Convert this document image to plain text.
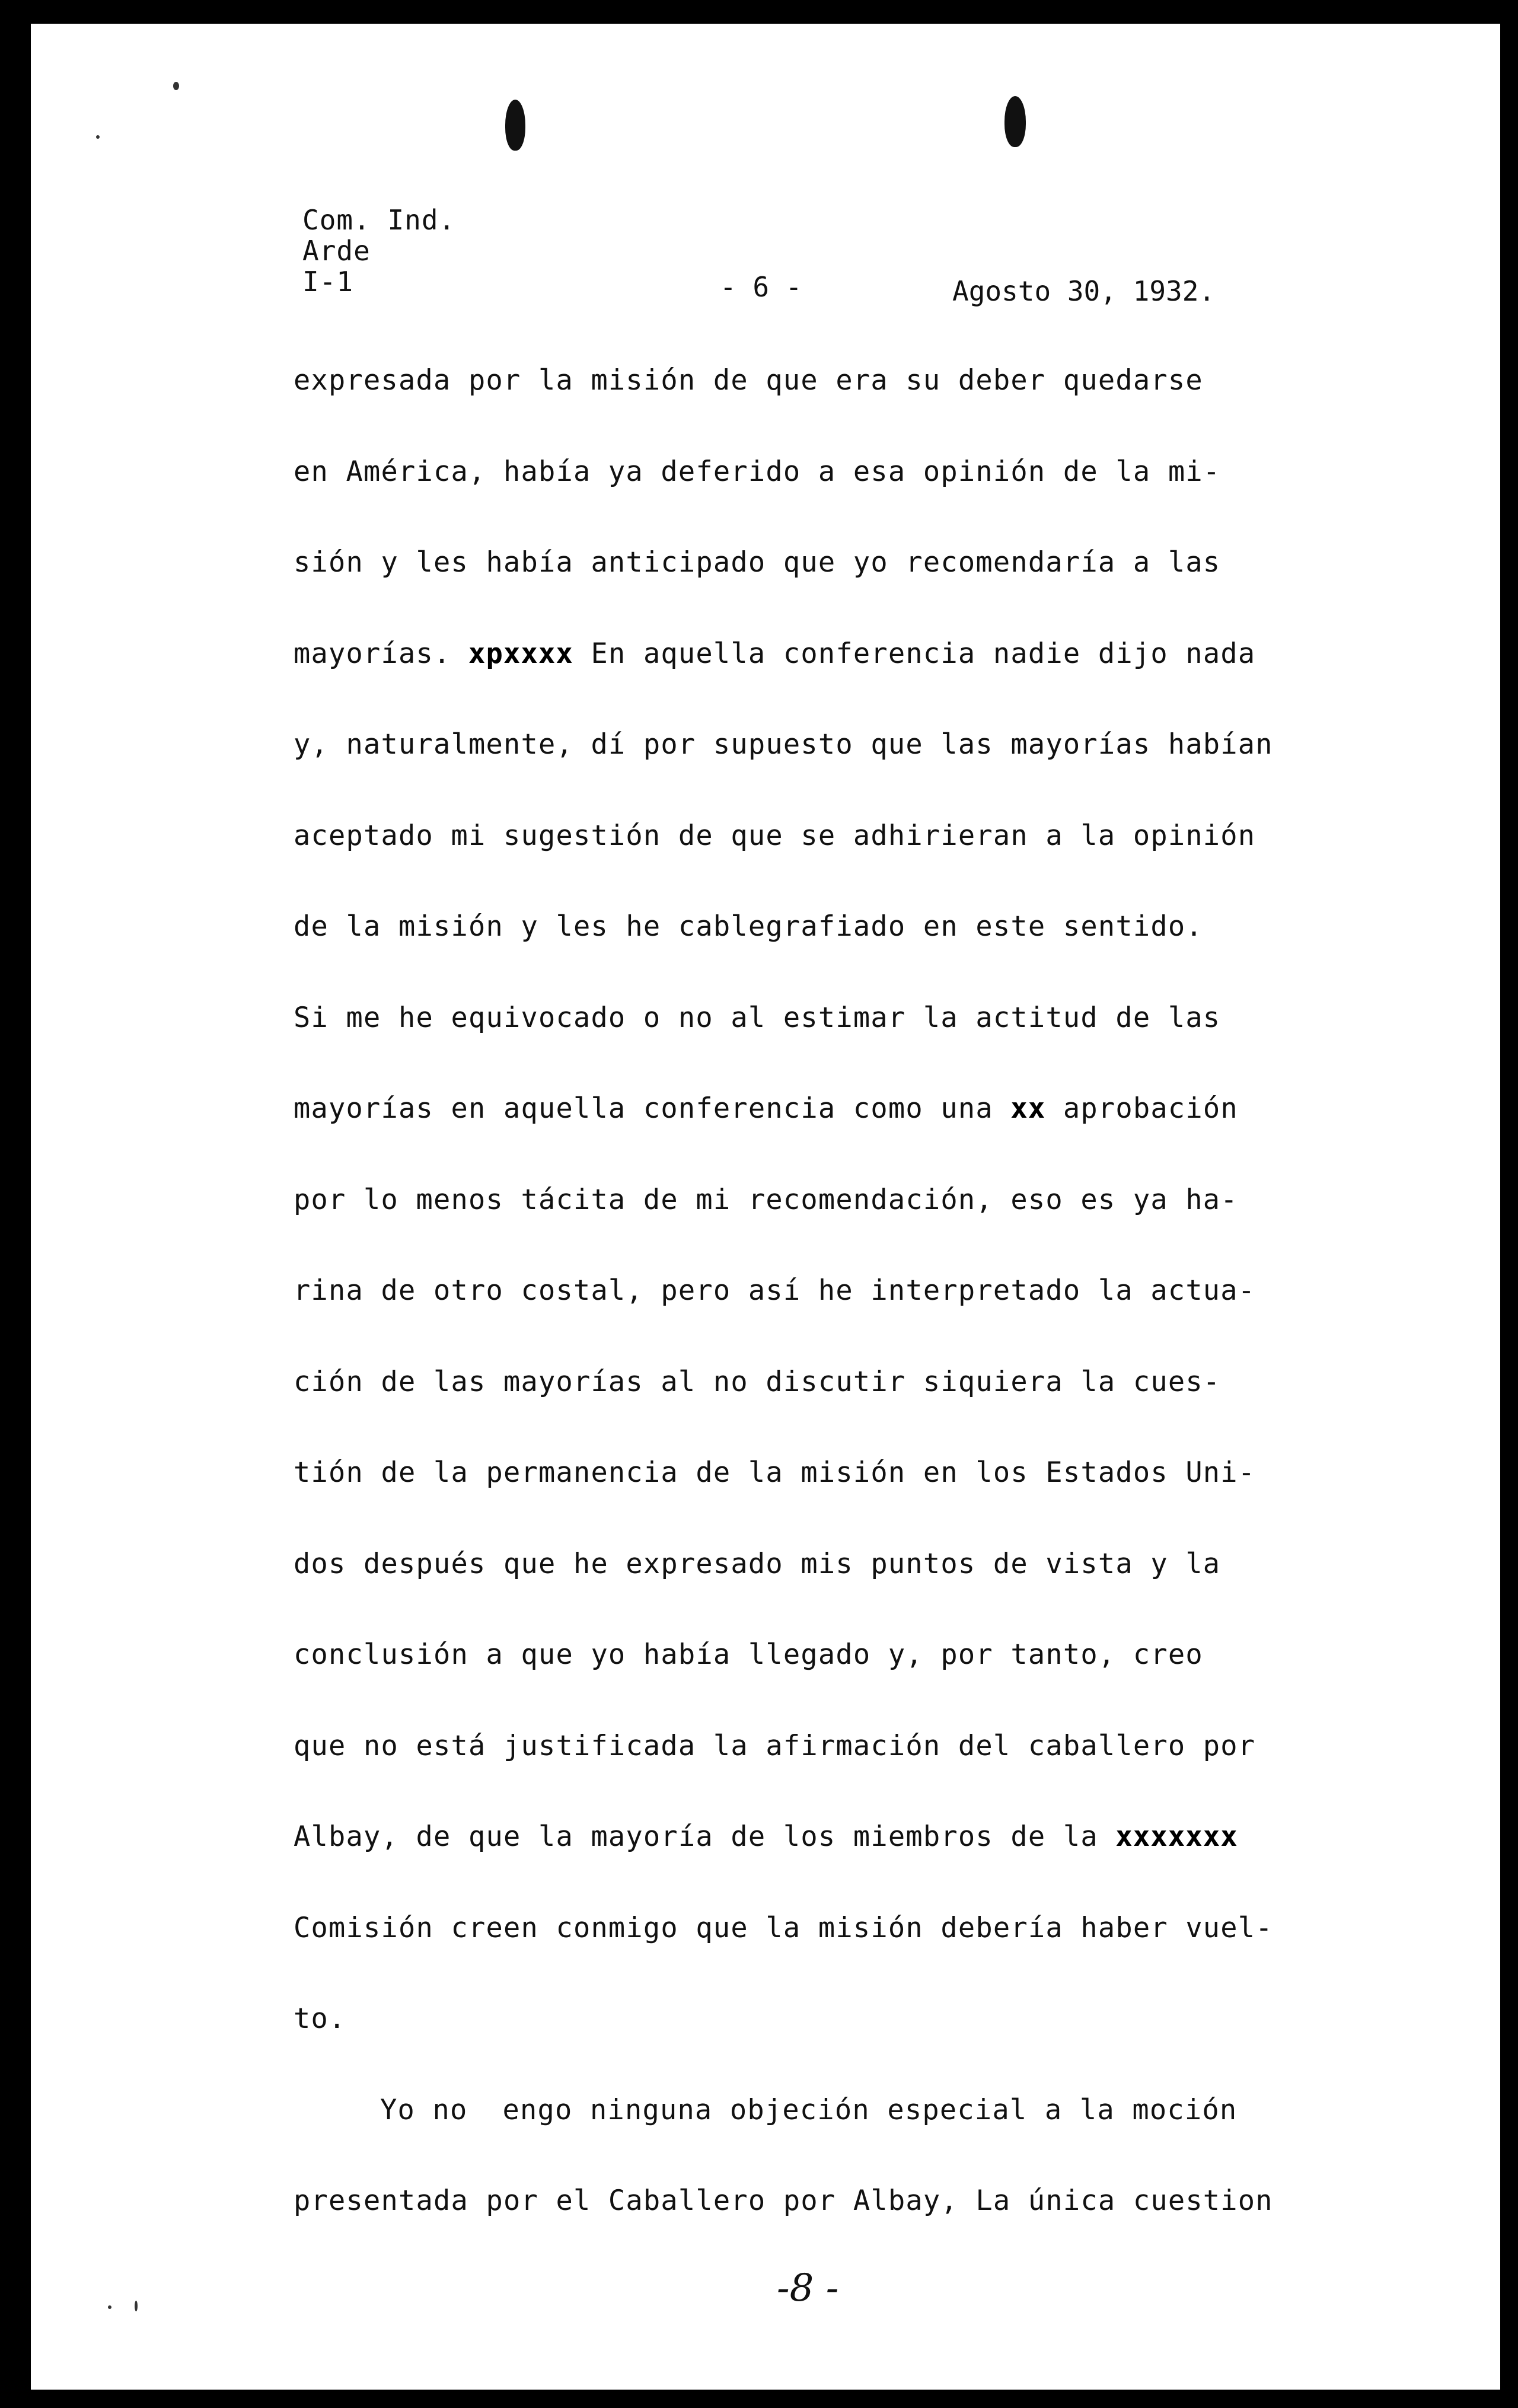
Com. Ind.
Arde
I-1	- 6 -	Agosto 30, 1932.
expresada por la misión de que era su deber quedarse
en América, había ya deferido a esa opinión de la mi-
sión y les había anticipado que yo recomendaría a las
mayorías. xpxxxx En aquella conferencia nadie dijo nada
y, naturalmente, dí por supuesto que las mayorías habían
aceptado mi sugestión de que se adhirieran a la opinión
de la misión y les he cablegrafiado en este sentido.
Si me he equivocado o no al estimar la actitud de las
mayorías en aquella conferencia como una xx aprobación
por lo menos tácita de mi recomendación, eso es ya ha-
rina de otro costal, pero así he interpretado la actua-
ción de las mayorías al no discutir siquiera la cues-
tión de la permanencia de la misión en los Estados Uni-
dos después que he expresado mis puntos de vista y la
conclusión a que yo había llegado y, por tanto, creo
que no está justificada la afirmación del caballero por
Albay, de que la mayoría de los miembros de la xxxxxxx
Comisión creen conmigo que la misión debería haber vuel-
to.
Yo no  engo ninguna objeción especial a la moción
presentada por el Caballero por Albay, La única cuestion
-8 -
